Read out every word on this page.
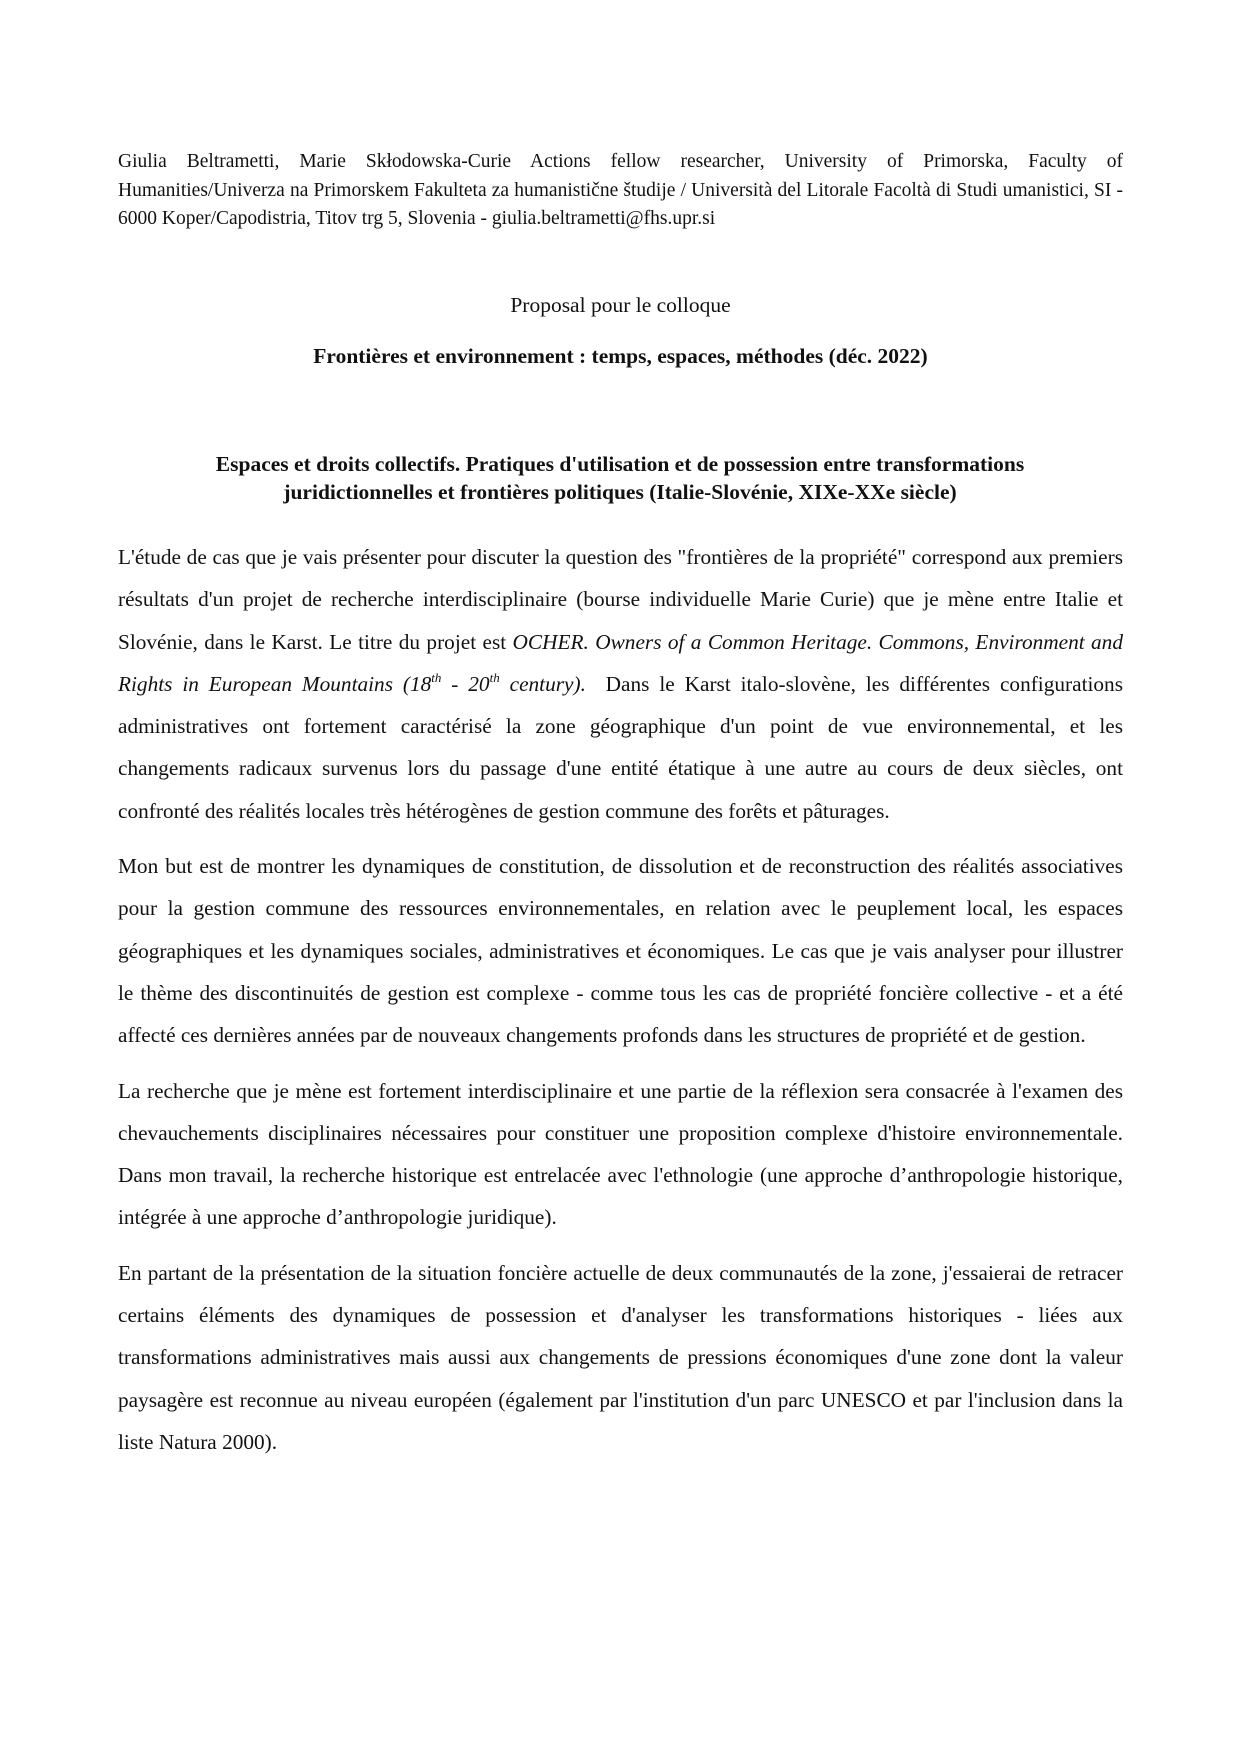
Giulia Beltrametti, Marie Skłodowska-Curie Actions fellow researcher, University of Primorska, Faculty of Humanities/Univerza na Primorskem Fakulteta za humanistične študije / Università del Litorale Facoltà di Studi umanistici, SI - 6000 Koper/Capodistria, Titov trg 5, Slovenia - giulia.beltrametti@fhs.upr.si
Proposal pour le colloque
Frontières et environnement : temps, espaces, méthodes (déc. 2022)
Espaces et droits collectifs. Pratiques d'utilisation et de possession entre transformations juridictionnelles et frontières politiques (Italie-Slovénie, XIXe-XXe siècle)

L'étude de cas que je vais présenter pour discuter la question des "frontières de la propriété" correspond aux premiers résultats d'un projet de recherche interdisciplinaire (bourse individuelle Marie Curie) que je mène entre Italie et Slovénie, dans le Karst. Le titre du projet est OCHER. Owners of a Common Heritage. Commons, Environment and Rights in European Mountains (18th - 20th century).  Dans le Karst italo-slovène, les différentes configurations administratives ont fortement caractérisé la zone géographique d'un point de vue environnemental, et les changements radicaux survenus lors du passage d'une entité étatique à une autre au cours de deux siècles, ont confronté des réalités locales très hétérogènes de gestion commune des forêts et pâturages.

Mon but est de montrer les dynamiques de constitution, de dissolution et de reconstruction des réalités associatives pour la gestion commune des ressources environnementales, en relation avec le peuplement local, les espaces géographiques et les dynamiques sociales, administratives et économiques. Le cas que je vais analyser pour illustrer le thème des discontinuités de gestion est complexe - comme tous les cas de propriété foncière collective - et a été affecté ces dernières années par de nouveaux changements profonds dans les structures de propriété et de gestion.

La recherche que je mène est fortement interdisciplinaire et une partie de la réflexion sera consacrée à l'examen des chevauchements disciplinaires nécessaires pour constituer une proposition complexe d'histoire environnementale. Dans mon travail, la recherche historique est entrelacée avec l'ethnologie (une approche d’anthropologie historique, intégrée à une approche d’anthropologie juridique).

En partant de la présentation de la situation foncière actuelle de deux communautés de la zone, j'essaierai de retracer certains éléments des dynamiques de possession et d'analyser les transformations historiques - liées aux transformations administratives mais aussi aux changements de pressions économiques d'une zone dont la valeur paysagère est reconnue au niveau européen (également par l'institution d'un parc UNESCO et par l'inclusion dans la liste Natura 2000).
